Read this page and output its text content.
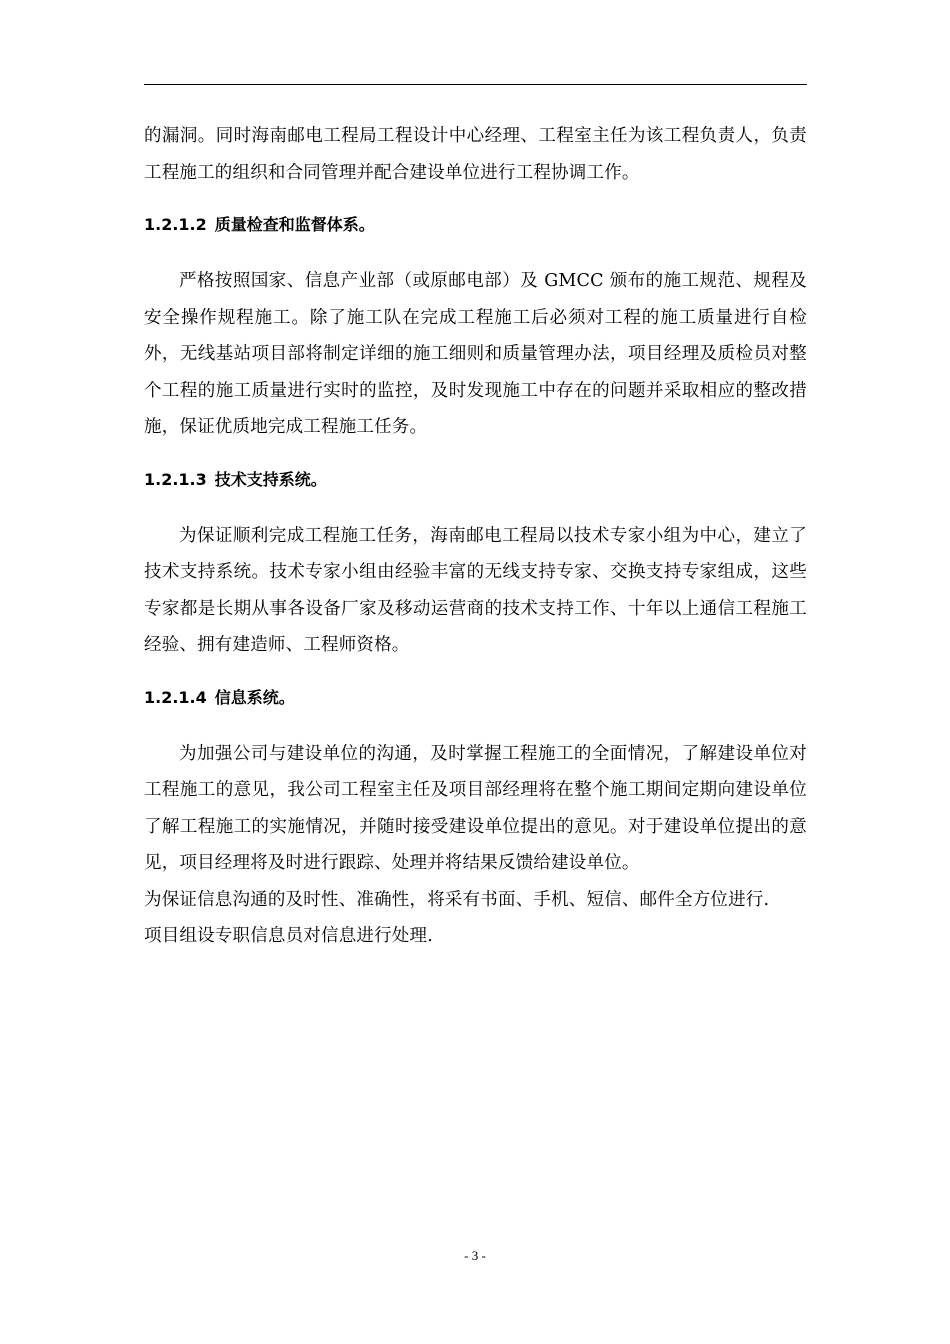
的漏洞。同时海南邮电工程局工程设计中心经理、工程室主任为该工程负责人，负责工程施工的组织和合同管理并配合建设单位进行工程协调工作。

1.2.1.2 质量检查和监督体系。

严格按照国家、信息产业部（或原邮电部）及 GMCC 颁布的施工规范、规程及安全操作规程施工。除了施工队在完成工程施工后必须对工程的施工质量进行自检外，无线基站项目部将制定详细的施工细则和质量管理办法，项目经理及质检员对整个工程的施工质量进行实时的监控，及时发现施工中存在的问题并采取相应的整改措施，保证优质地完成工程施工任务。

1.2.1.3 技术支持系统。

为保证顺利完成工程施工任务，海南邮电工程局以技术专家小组为中心，建立了技术支持系统。技术专家小组由经验丰富的无线支持专家、交换支持专家组成，这些专家都是长期从事各设备厂家及移动运营商的技术支持工作、十年以上通信工程施工经验、拥有建造师、工程师资格。

1.2.1.4 信息系统。

为加强公司与建设单位的沟通，及时掌握工程施工的全面情况，了解建设单位对工程施工的意见，我公司工程室主任及项目部经理将在整个施工期间定期向建设单位了解工程施工的实施情况，并随时接受建设单位提出的意见。对于建设单位提出的意见，项目经理将及时进行跟踪、处理并将结果反馈给建设单位。

为保证信息沟通的及时性、准确性，将采有书面、手机、短信、邮件全方位进行.

项目组设专职信息员对信息进行处理.

- 3 -
